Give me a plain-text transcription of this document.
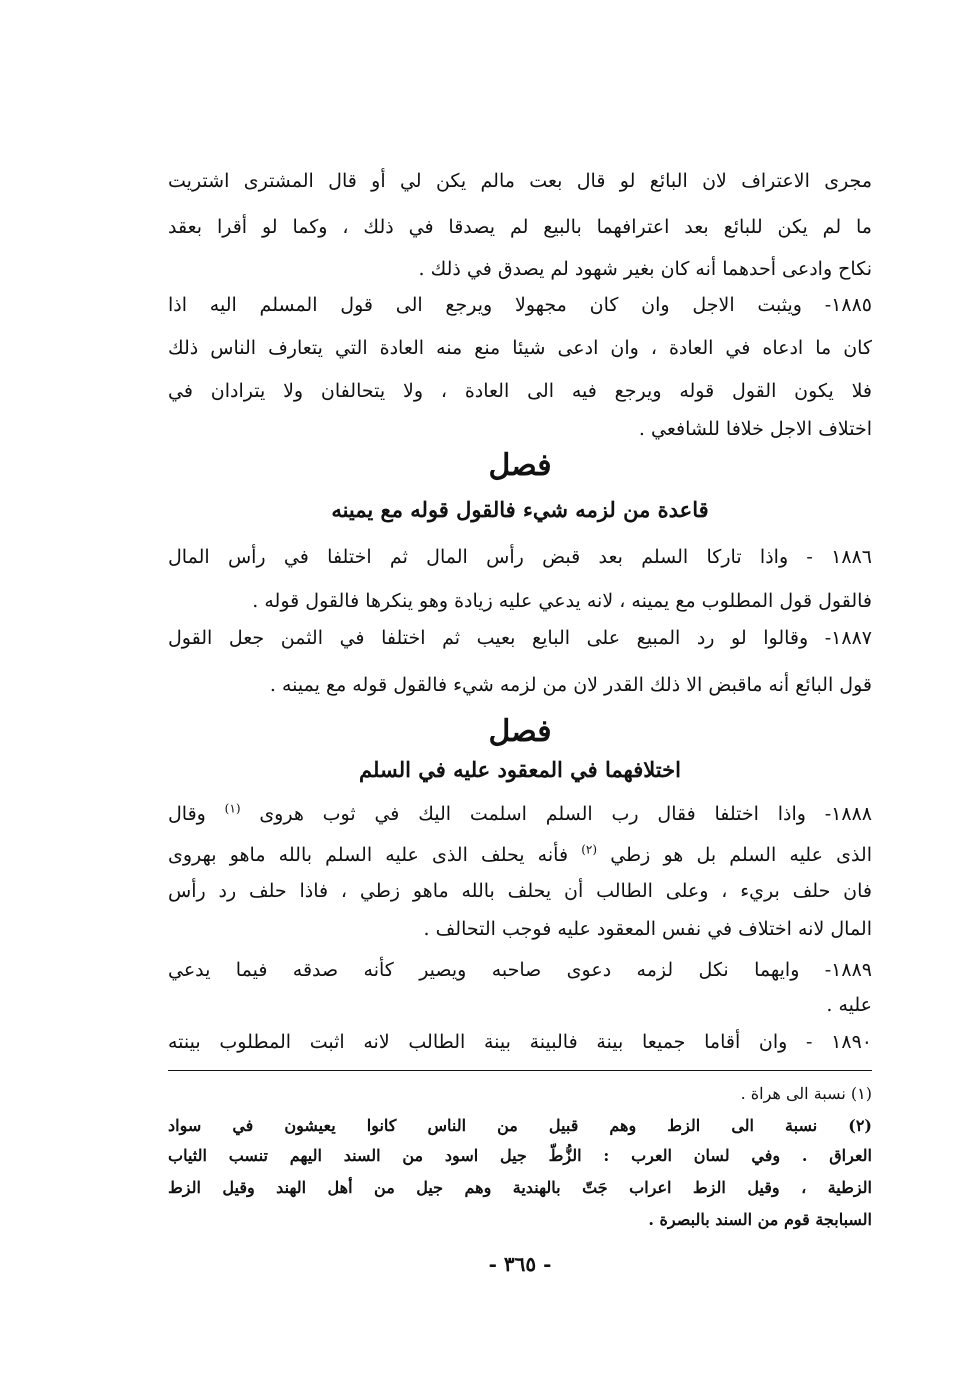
مجرى الاعتراف لان البائع لو قال بعت مالم يكن لي أو قال المشترى اشتريت
ما لم يكن للبائع بعد اعترافهما بالبيع لم يصدقا في ذلك ، وكما لو أقرا بعقد
نكاح وادعى أحدهما أنه كان بغير شهود لم يصدق في ذلك .
١٨٨٥- ويثبت الاجل وان كان مجهولا ويرجع الى قول المسلم اليه اذا
كان ما ادعاه في العادة ، وان ادعى شيئا منع منه العادة التي يتعارف الناس ذلك
فلا يكون القول قوله ويرجع فيه الى العادة ، ولا يتحالفان ولا يترادان في
اختلاف الاجل خلافا للشافعي .
فصل
قاعدة من لزمه شيء فالقول قوله مع يمينه
١٨٨٦ - واذا تاركا السلم بعد قبض رأس المال ثم اختلفا في رأس المال
فالقول قول المطلوب مع يمينه ، لانه يدعي عليه زيادة وهو ينكرها فالقول قوله .
١٨٨٧- وقالوا لو رد المبيع على البايع بعيب ثم اختلفا في الثمن جعل القول
قول البائع أنه ماقبض الا ذلك القدر لان من لزمه شيء فالقول قوله مع يمينه .
فصل
اختلافهما في المعقود عليه في السلم
١٨٨٨- واذا اختلفا فقال رب السلم اسلمت اليك في ثوب هروى $^{(١)}$ وقال
الذى عليه السلم بل هو زطي $^{(٢)}$ فأنه يحلف الذى عليه السلم بالله ماهو بهروى
فان حلف بريء ، وعلى الطالب أن يحلف بالله ماهو زطي ، فاذا حلف رد رأس
المال لانه اختلاف في نفس المعقود عليه فوجب التحالف .
١٨٨٩- وايهما نكل لزمه دعوى صاحبه ويصير كأنه صدقه فيما يدعي
عليه .
١٨٩٠ - وان أقاما جميعا بينة فالبينة بينة الطالب لانه اثبت المطلوب بينته
(١) نسبة الى هراة .
(٢) نسبة الى الزط وهم قبيل من الناس كانوا يعيشون في سواد
العراق . وفي لسان العرب : الزُّطّ جيل اسود من السند اليهم تنسب الثياب
الزطية ، وقيل الزط اعراب جَتّ بالهندية وهم جيل من أهل الهند وقيل الزط
السبابجة قوم من السند بالبصرة .
- ٣٦٥ -
